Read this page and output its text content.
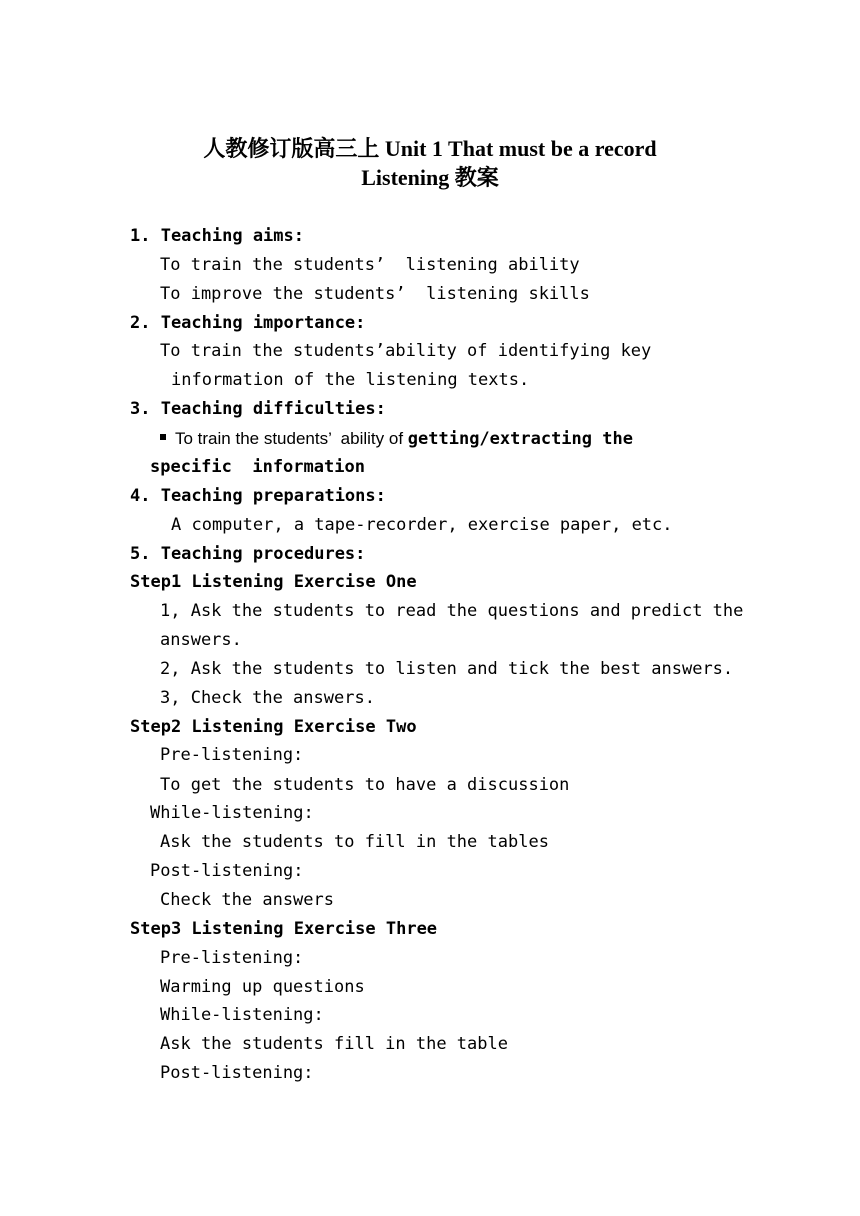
人教修订版高三上 Unit 1 That must be a record
Listening 教案
1. Teaching aims:
To train the students’  listening ability
To improve the students’  listening skills
2. Teaching importance:
To train the students’ability of identifying key
information of the listening texts.
3. Teaching difficulties:
To train the students’  ability of getting/extracting the
specific  information
4. Teaching preparations:
A computer, a tape-recorder, exercise paper, etc.
5. Teaching procedures:
Step1 Listening Exercise One
1, Ask the students to read the questions and predict the
answers.
2, Ask the students to listen and tick the best answers.
3, Check the answers.
Step2 Listening Exercise Two
Pre-listening:
To get the students to have a discussion
While-listening:
Ask the students to fill in the tables
Post-listening:
Check the answers
Step3 Listening Exercise Three
Pre-listening:
Warming up questions
While-listening:
Ask the students fill in the table
Post-listening:
